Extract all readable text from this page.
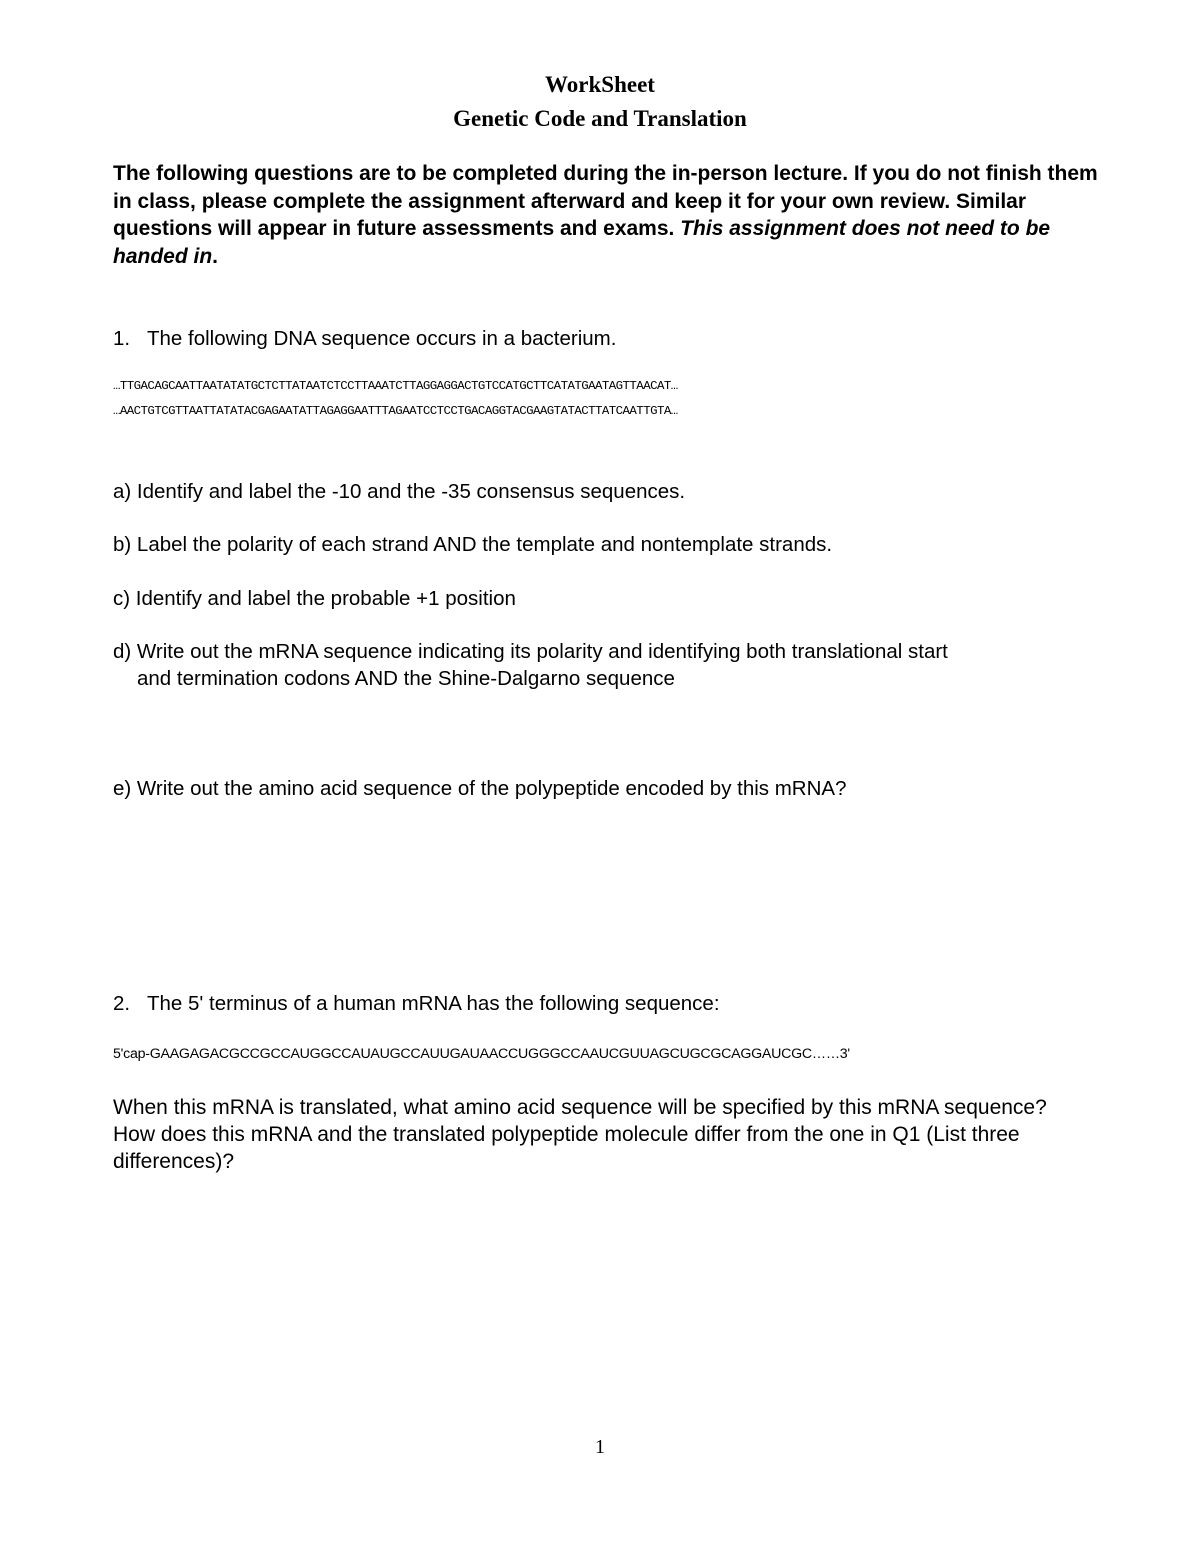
WorkSheet
Genetic Code and Translation
The following questions are to be completed during the in-person lecture. If you do not finish them in class, please complete the assignment afterward and keep it for your own review. Similar questions will appear in future assessments and exams. This assignment does not need to be handed in.
1. The following DNA sequence occurs in a bacterium.
…TTGACAGCAATTAATATATGCTCTTATAATCTCCTTAAATCTTAGGAGGACTGTCCATGCTTCATATGAATAGTTAACAT…
…AACTGTCGTTAATTATATACGAGAATATTAGAGGAATTTAGAATCCTCCTGACAGGTACGAAGTATACTTATCAATTGTA…
a) Identify and label the -10 and the -35 consensus sequences.
b) Label the polarity of each strand AND the template and nontemplate strands.
c) Identify and label the probable +1 position
d) Write out the mRNA sequence indicating its polarity and identifying both translational start
and termination codons AND the Shine-Dalgarno sequence
e) Write out the amino acid sequence of the polypeptide encoded by this mRNA?
2. The 5' terminus of a human mRNA has the following sequence:
5'cap-GAAGAGACGCCGCCAUGGCCAUAUGCCAUUGAUAACCUGGGCCAAUCGUUAGCUGCGCAGGAUCGC……3'
When this mRNA is translated, what amino acid sequence will be specified by this mRNA sequence? How does this mRNA and the translated polypeptide molecule differ from the one in Q1 (List three differences)?
1
